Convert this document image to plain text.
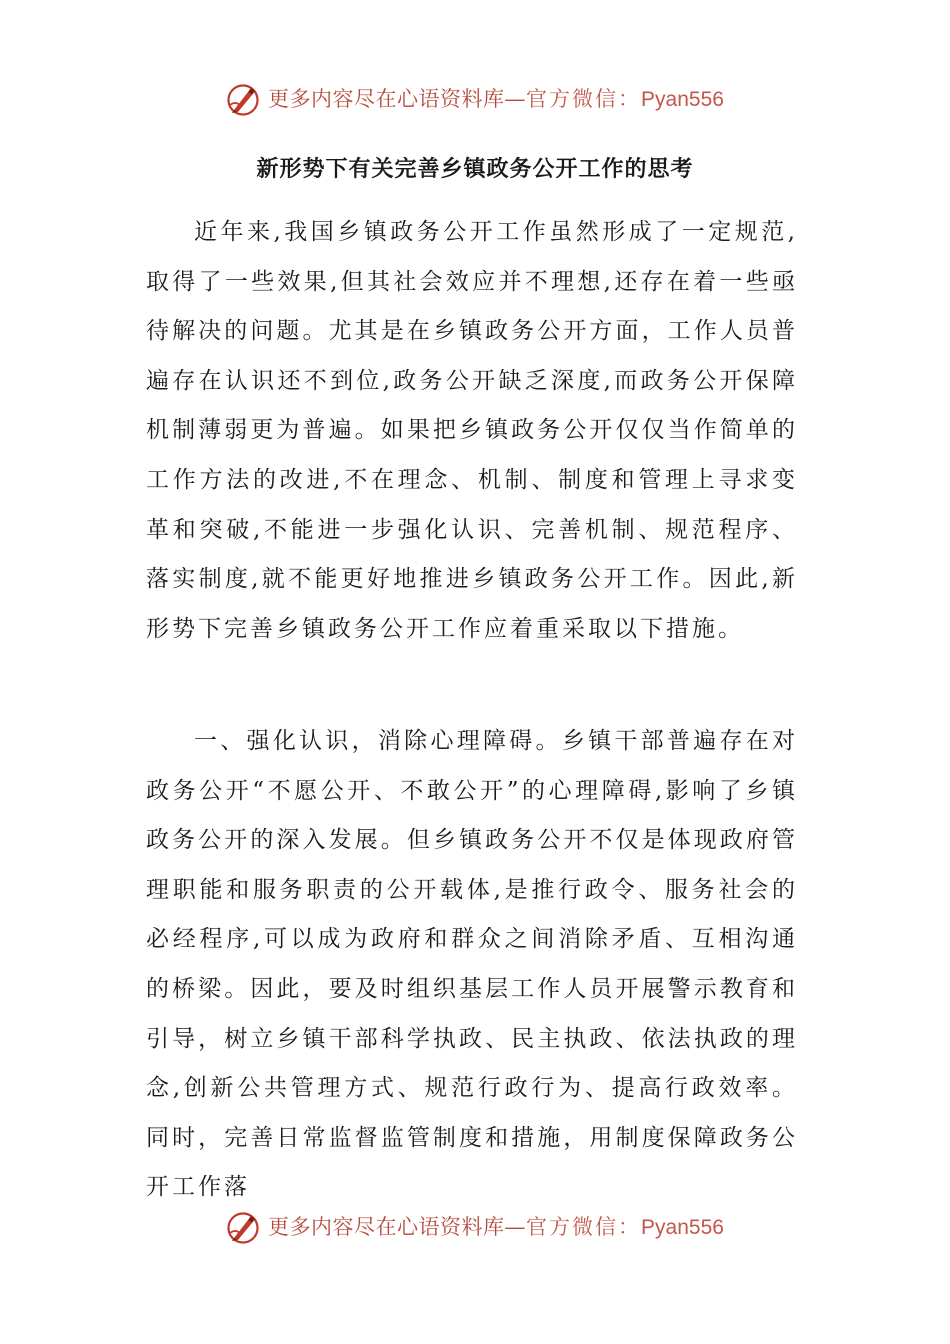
更多内容尽在心语资料库 — 官方微信： Pyan556
新形势下有关完善乡镇政务公开工作的思考

近年来,我国乡镇政务公开工作虽然形成了一定规范,取得了一些效果,但其社会效应并不理想,还存在着一些亟待解决的问题。尤其是在乡镇政务公开方面，工作人员普遍存在认识还不到位,政务公开缺乏深度,而政务公开保障机制薄弱更为普遍。如果把乡镇政务公开仅仅当作简单的工作方法的改进,不在理念、机制、制度和管理上寻求变革和突破,不能进一步强化认识、完善机制、规范程序、落实制度,就不能更好地推进乡镇政务公开工作。因此,新形势下完善乡镇政务公开工作应着重采取以下措施。

一、强化认识，消除心理障碍。乡镇干部普遍存在对政务公开“不愿公开、不敢公开”的心理障碍,影响了乡镇政务公开的深入发展。但乡镇政务公开不仅是体现政府管理职能和服务职责的公开载体,是推行政令、服务社会的必经程序,可以成为政府和群众之间消除矛盾、互相沟通的桥梁。因此，要及时组织基层工作人员开展警示教育和引导，树立乡镇干部科学执政、民主执政、依法执政的理念,创新公共管理方式、规范行政行为、提高行政效率。同时，完善日常监督监管制度和措施，用制度保障政务公开工作落

更多内容尽在心语资料库 — 官方微信： Pyan556
